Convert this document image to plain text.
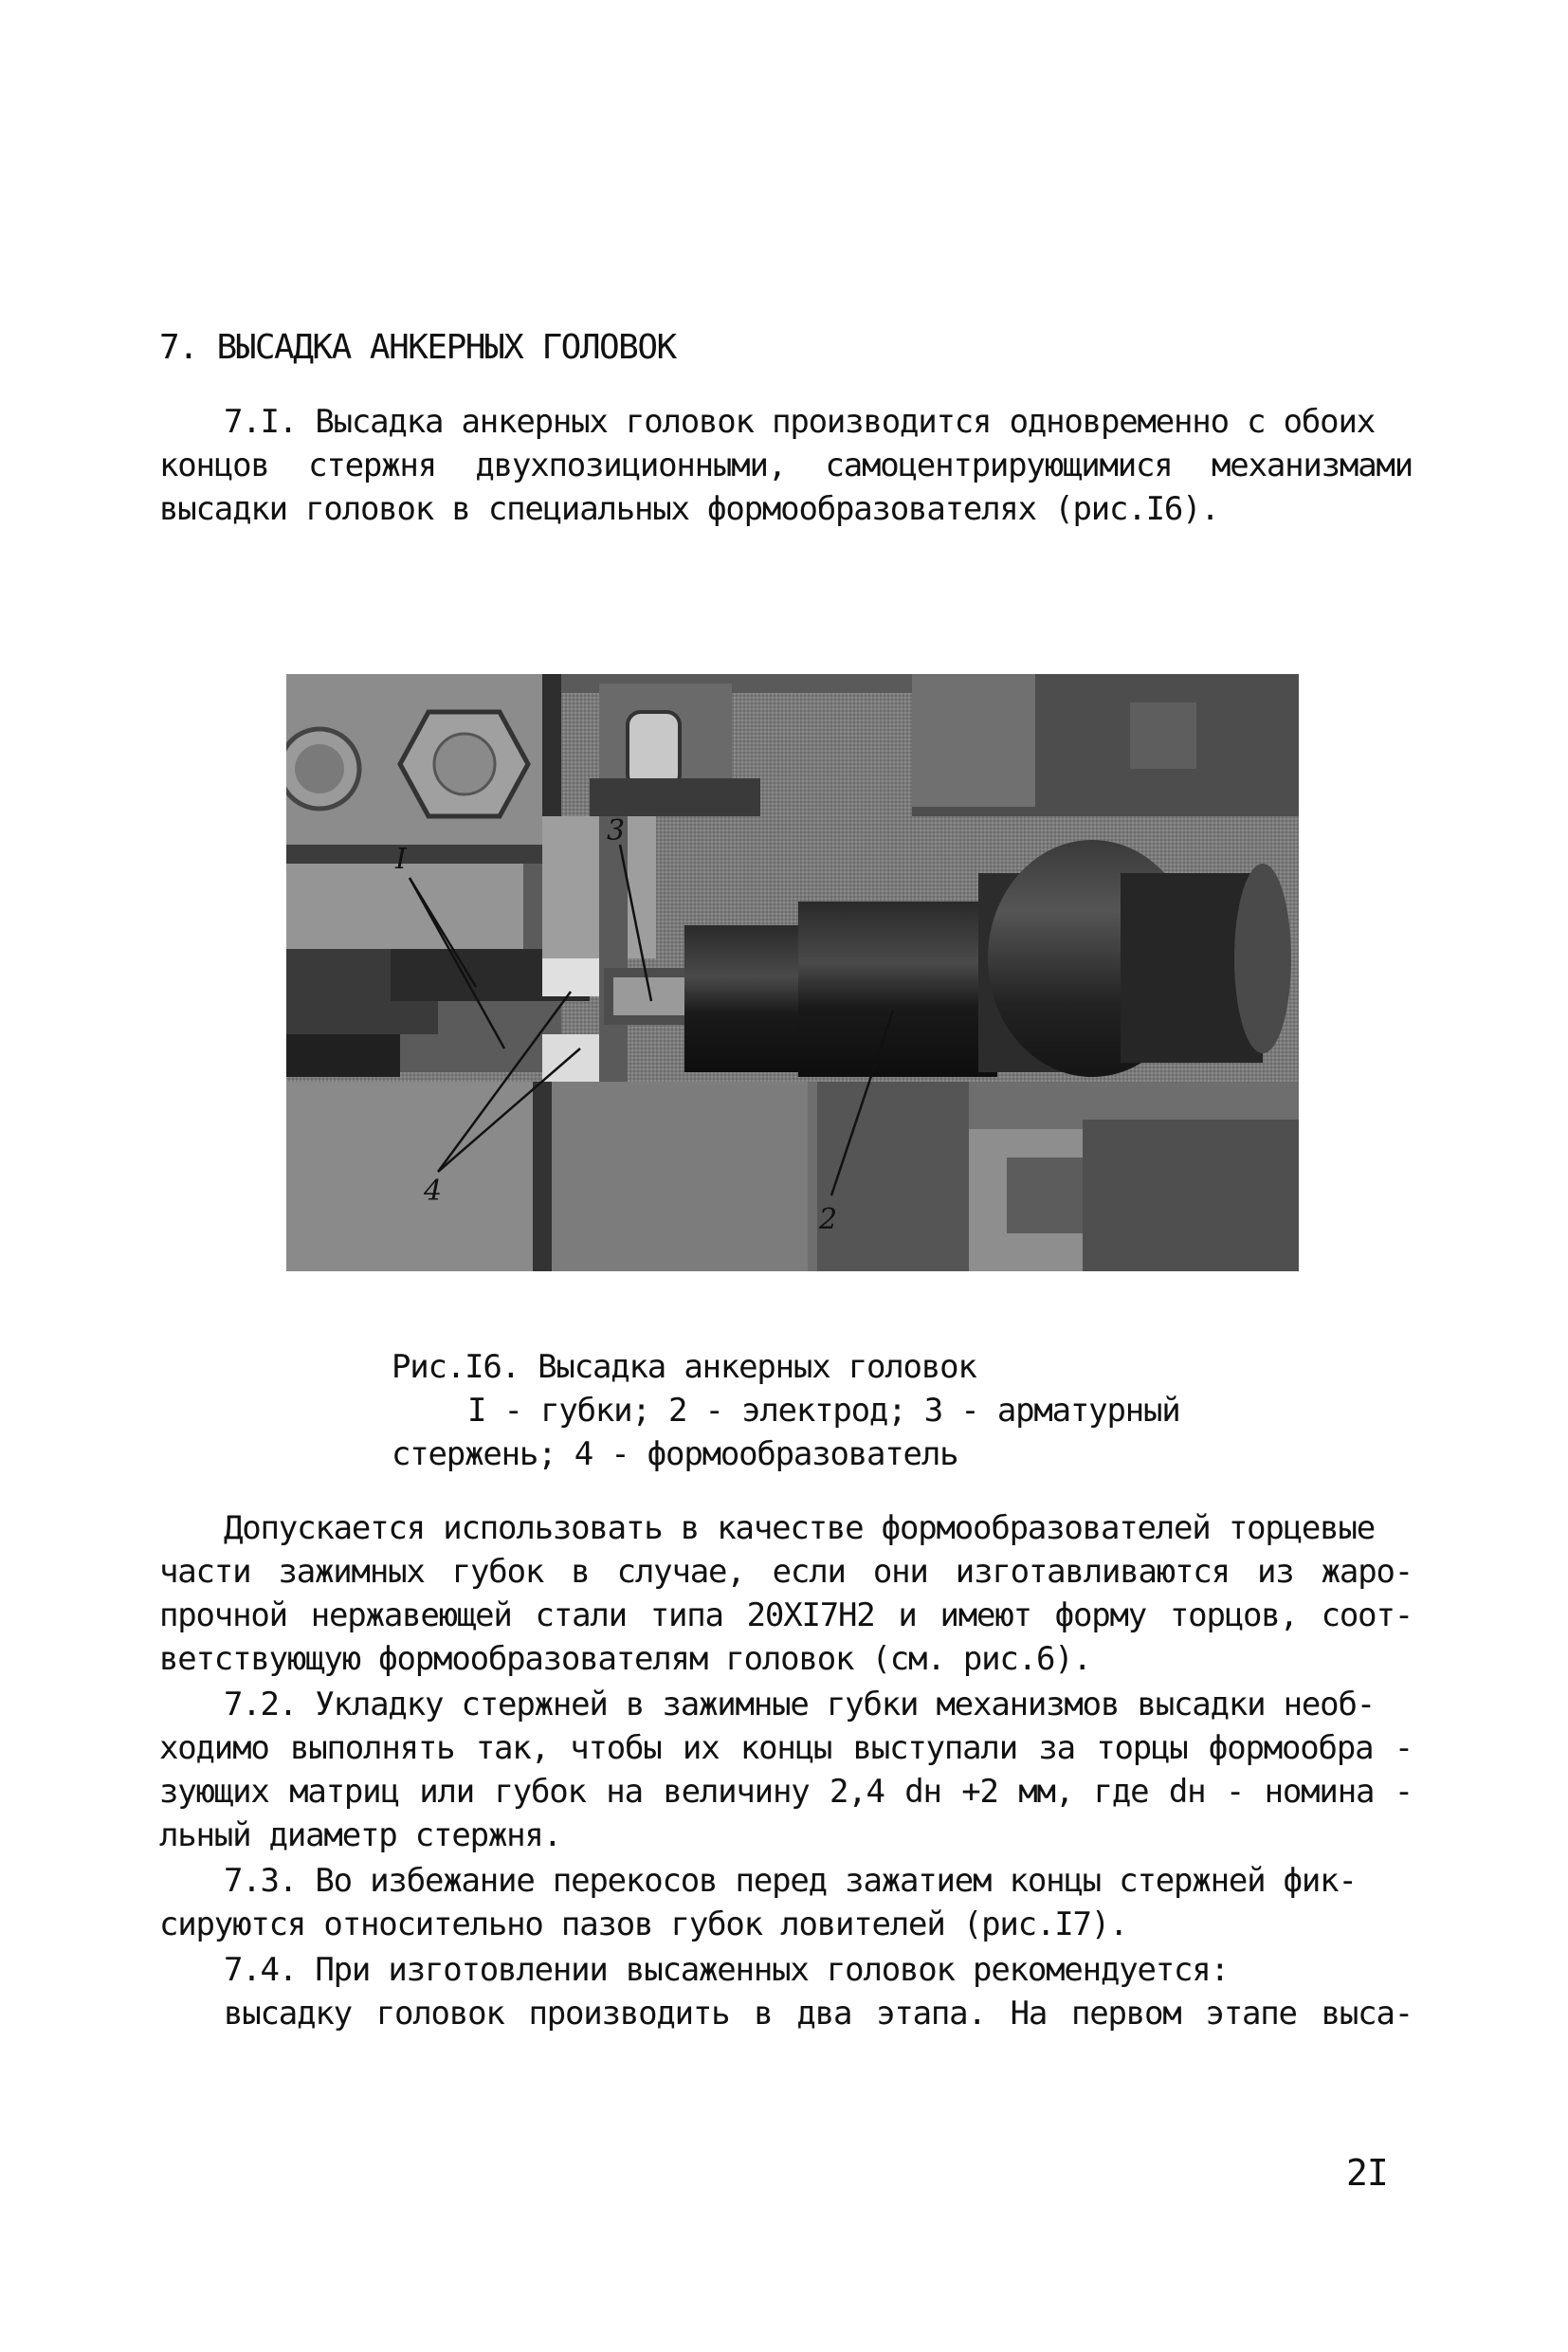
7. ВЫСАДКА АНКЕРНЫХ ГОЛОВОК
7.I. Высадка анкерных головок производится одновременно с обоих
концов стержня двухпозиционными, самоцентрирующимися механизмами
высадки головок в специальных формообразователях (рис.I6).
I
2
3
4
Рис.I6. Высадка анкерных головок
I - губки; 2 - электрод; 3 - арматурный
стержень; 4 - формообразователь
Допускается использовать в качестве формообразователей торцевые
части зажимных губок в случае, если они изготавливаются из жаро-
прочной нержавеющей стали типа 20XI7H2 и имеют форму торцов, соот-
ветствующую формообразователям головок (см. рис.6).
7.2. Укладку стержней в зажимные губки механизмов высадки необ-
ходимо выполнять так, чтобы их концы выступали за торцы формообра -
зующих матриц или губок на величину 2,4 dн +2 мм, где dн - номина -
льный диаметр стержня.
7.3. Во избежание перекосов перед зажатием концы стержней фик-
сируются относительно пазов губок ловителей (рис.I7).
7.4. При изготовлении высаженных головок рекомендуется:
высадку головок производить в два этапа. На первом этапе выса-
2I
